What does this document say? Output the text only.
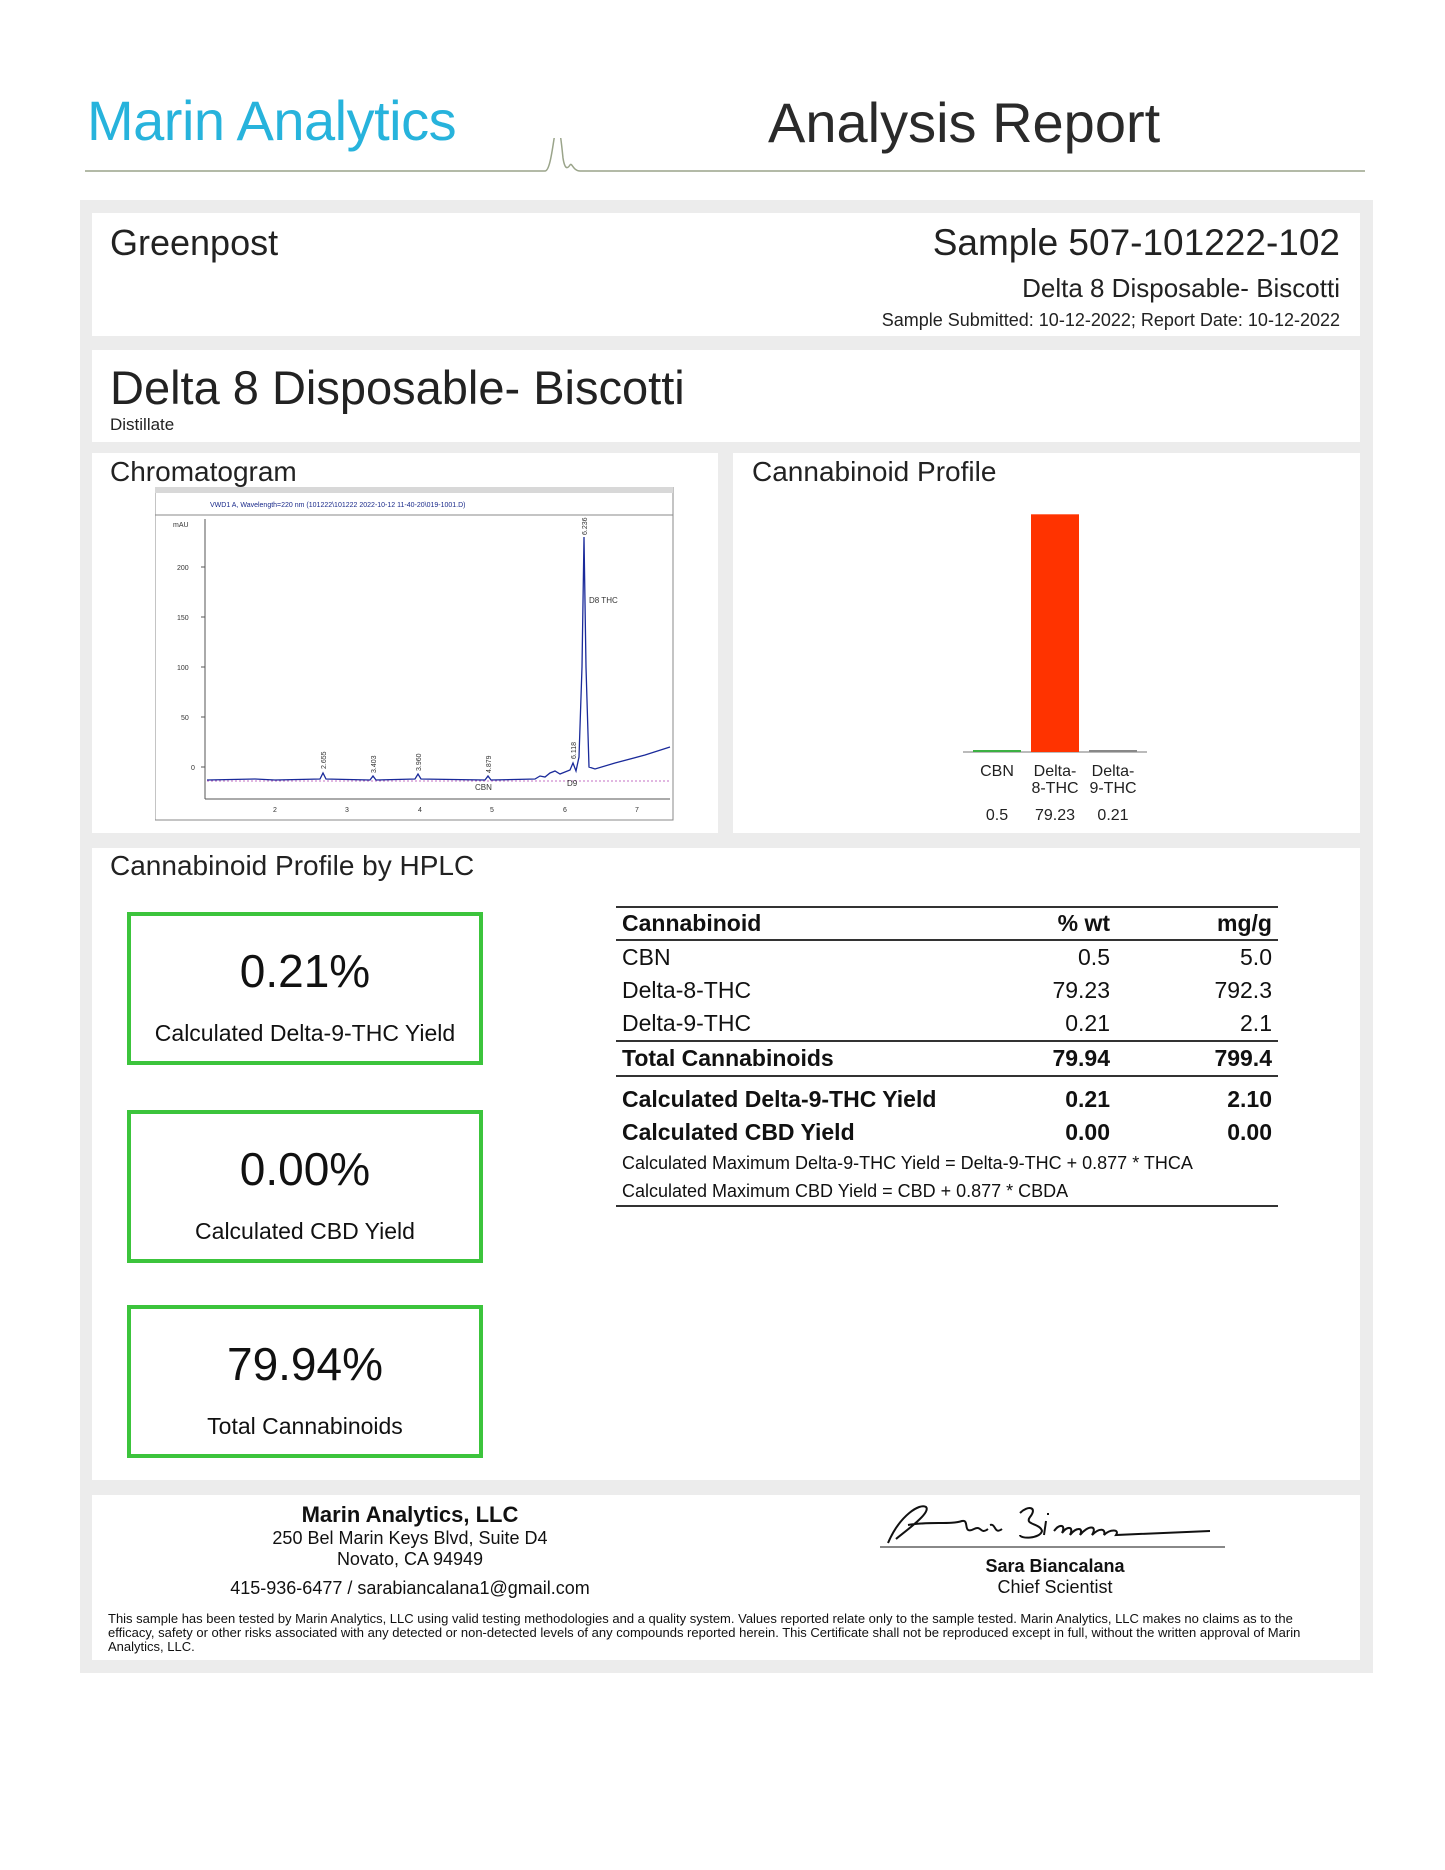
Marin Analytics	Analysis Report
Greenpost	Sample 507-101222-102
Delta 8 Disposable- Biscotti
Sample Submitted: 10-12-2022; Report Date: 10-12-2022
Delta 8 Disposable- Biscotti
Distillate
Chromatogram
VWD1 A, Wavelength=220 nm (101222\101222 2022-10-12 11-40-20\019-1001.D)
mAU
200
150
100
50
0
2	3	4	5	6	7
2.655	3.403	3.960	4.879
6.118
6.236
CBN	D9
D8 THC
Cannabinoid Profile
CBN
0.5
Delta-
8-THC
79.23
Delta-
9-THC
0.21
Cannabinoid Profile by HPLC
0.21%
Calculated Delta-9-THC Yield
0.00%
Calculated CBD Yield
79.94%
Total Cannabinoids
Cannabinoid	% wt	mg/g
CBN	0.5	5.0
Delta-8-THC	79.23	792.3
Delta-9-THC	0.21	2.1
Total Cannabinoids	79.94	799.4
Calculated Delta-9-THC Yield	0.21	2.10
Calculated CBD Yield	0.00	0.00
Calculated Maximum Delta-9-THC Yield = Delta-9-THC + 0.877 * THCA		
Calculated Maximum CBD Yield = CBD + 0.877 * CBDA		
Marin Analytics, LLC
250 Bel Marin Keys Blvd, Suite D4
Novato, CA 94949
415-936-6477 / sarabiancalana1@gmail.com
Sara Biancalana
Chief Scientist
This sample has been tested by Marin Analytics, LLC using valid testing methodologies and a quality system. Values reported relate only to the sample tested. Marin Analytics, LLC makes no claims as to the efficacy, safety or other risks associated with any detected or non-detected levels of any compounds reported herein. This Certificate shall not be reproduced except in full, without the written approval of Marin Analytics, LLC.
